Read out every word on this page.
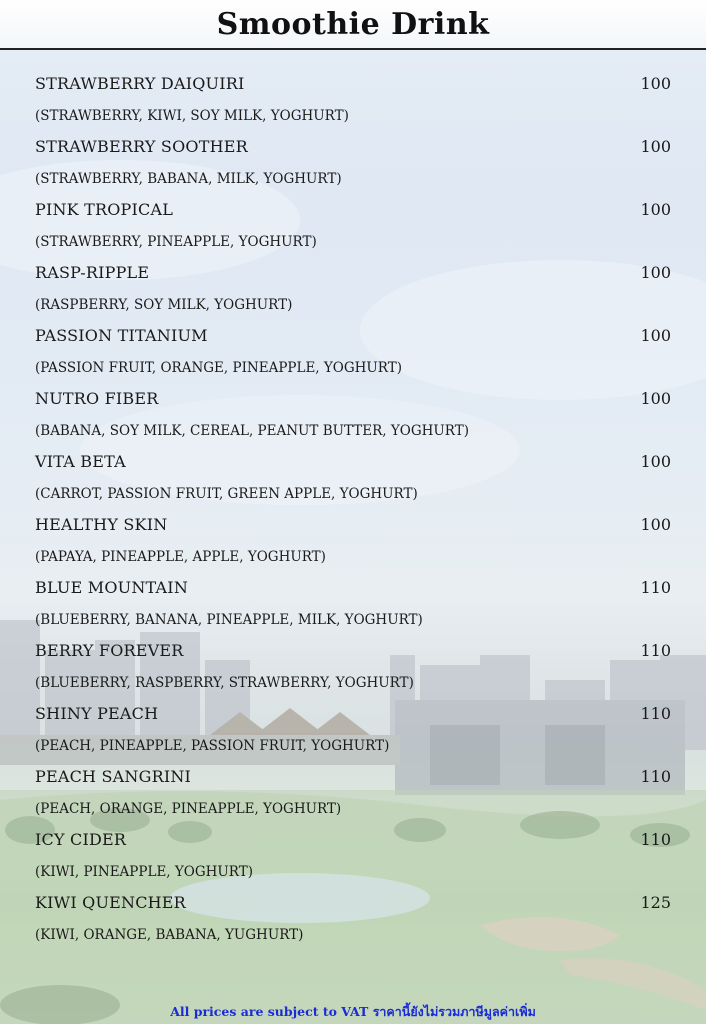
Smoothie Drink
STRAWBERRY DAIQUIRI	100
(STRAWBERRY, KIWI, SOY MILK, YOGHURT)
STRAWBERRY SOOTHER	100
(STRAWBERRY, BABANA, MILK, YOGHURT)
PINK TROPICAL	100
(STRAWBERRY, PINEAPPLE, YOGHURT)
RASP-RIPPLE	100
(RASPBERRY, SOY MILK, YOGHURT)
PASSION TITANIUM	100
(PASSION FRUIT, ORANGE, PINEAPPLE, YOGHURT)
NUTRO FIBER	100
(BABANA, SOY MILK, CEREAL, PEANUT BUTTER, YOGHURT)
VITA BETA	100
(CARROT, PASSION FRUIT, GREEN APPLE, YOGHURT)
HEALTHY SKIN	100
(PAPAYA, PINEAPPLE, APPLE, YOGHURT)
BLUE MOUNTAIN	110
(BLUEBERRY, BANANA, PINEAPPLE, MILK, YOGHURT)
BERRY FOREVER	110
(BLUEBERRY, RASPBERRY, STRAWBERRY, YOGHURT)
SHINY PEACH	110
(PEACH, PINEAPPLE, PASSION FRUIT, YOGHURT)
PEACH SANGRINI	110
(PEACH, ORANGE, PINEAPPLE, YOGHURT)
ICY CIDER	110
(KIWI, PINEAPPLE, YOGHURT)
KIWI QUENCHER	125
(KIWI, ORANGE, BABANA, YUGHURT)
All prices are subject to VAT ราคานี้ยังไม่รวมภาษีมูลค่าเพิ่ม
